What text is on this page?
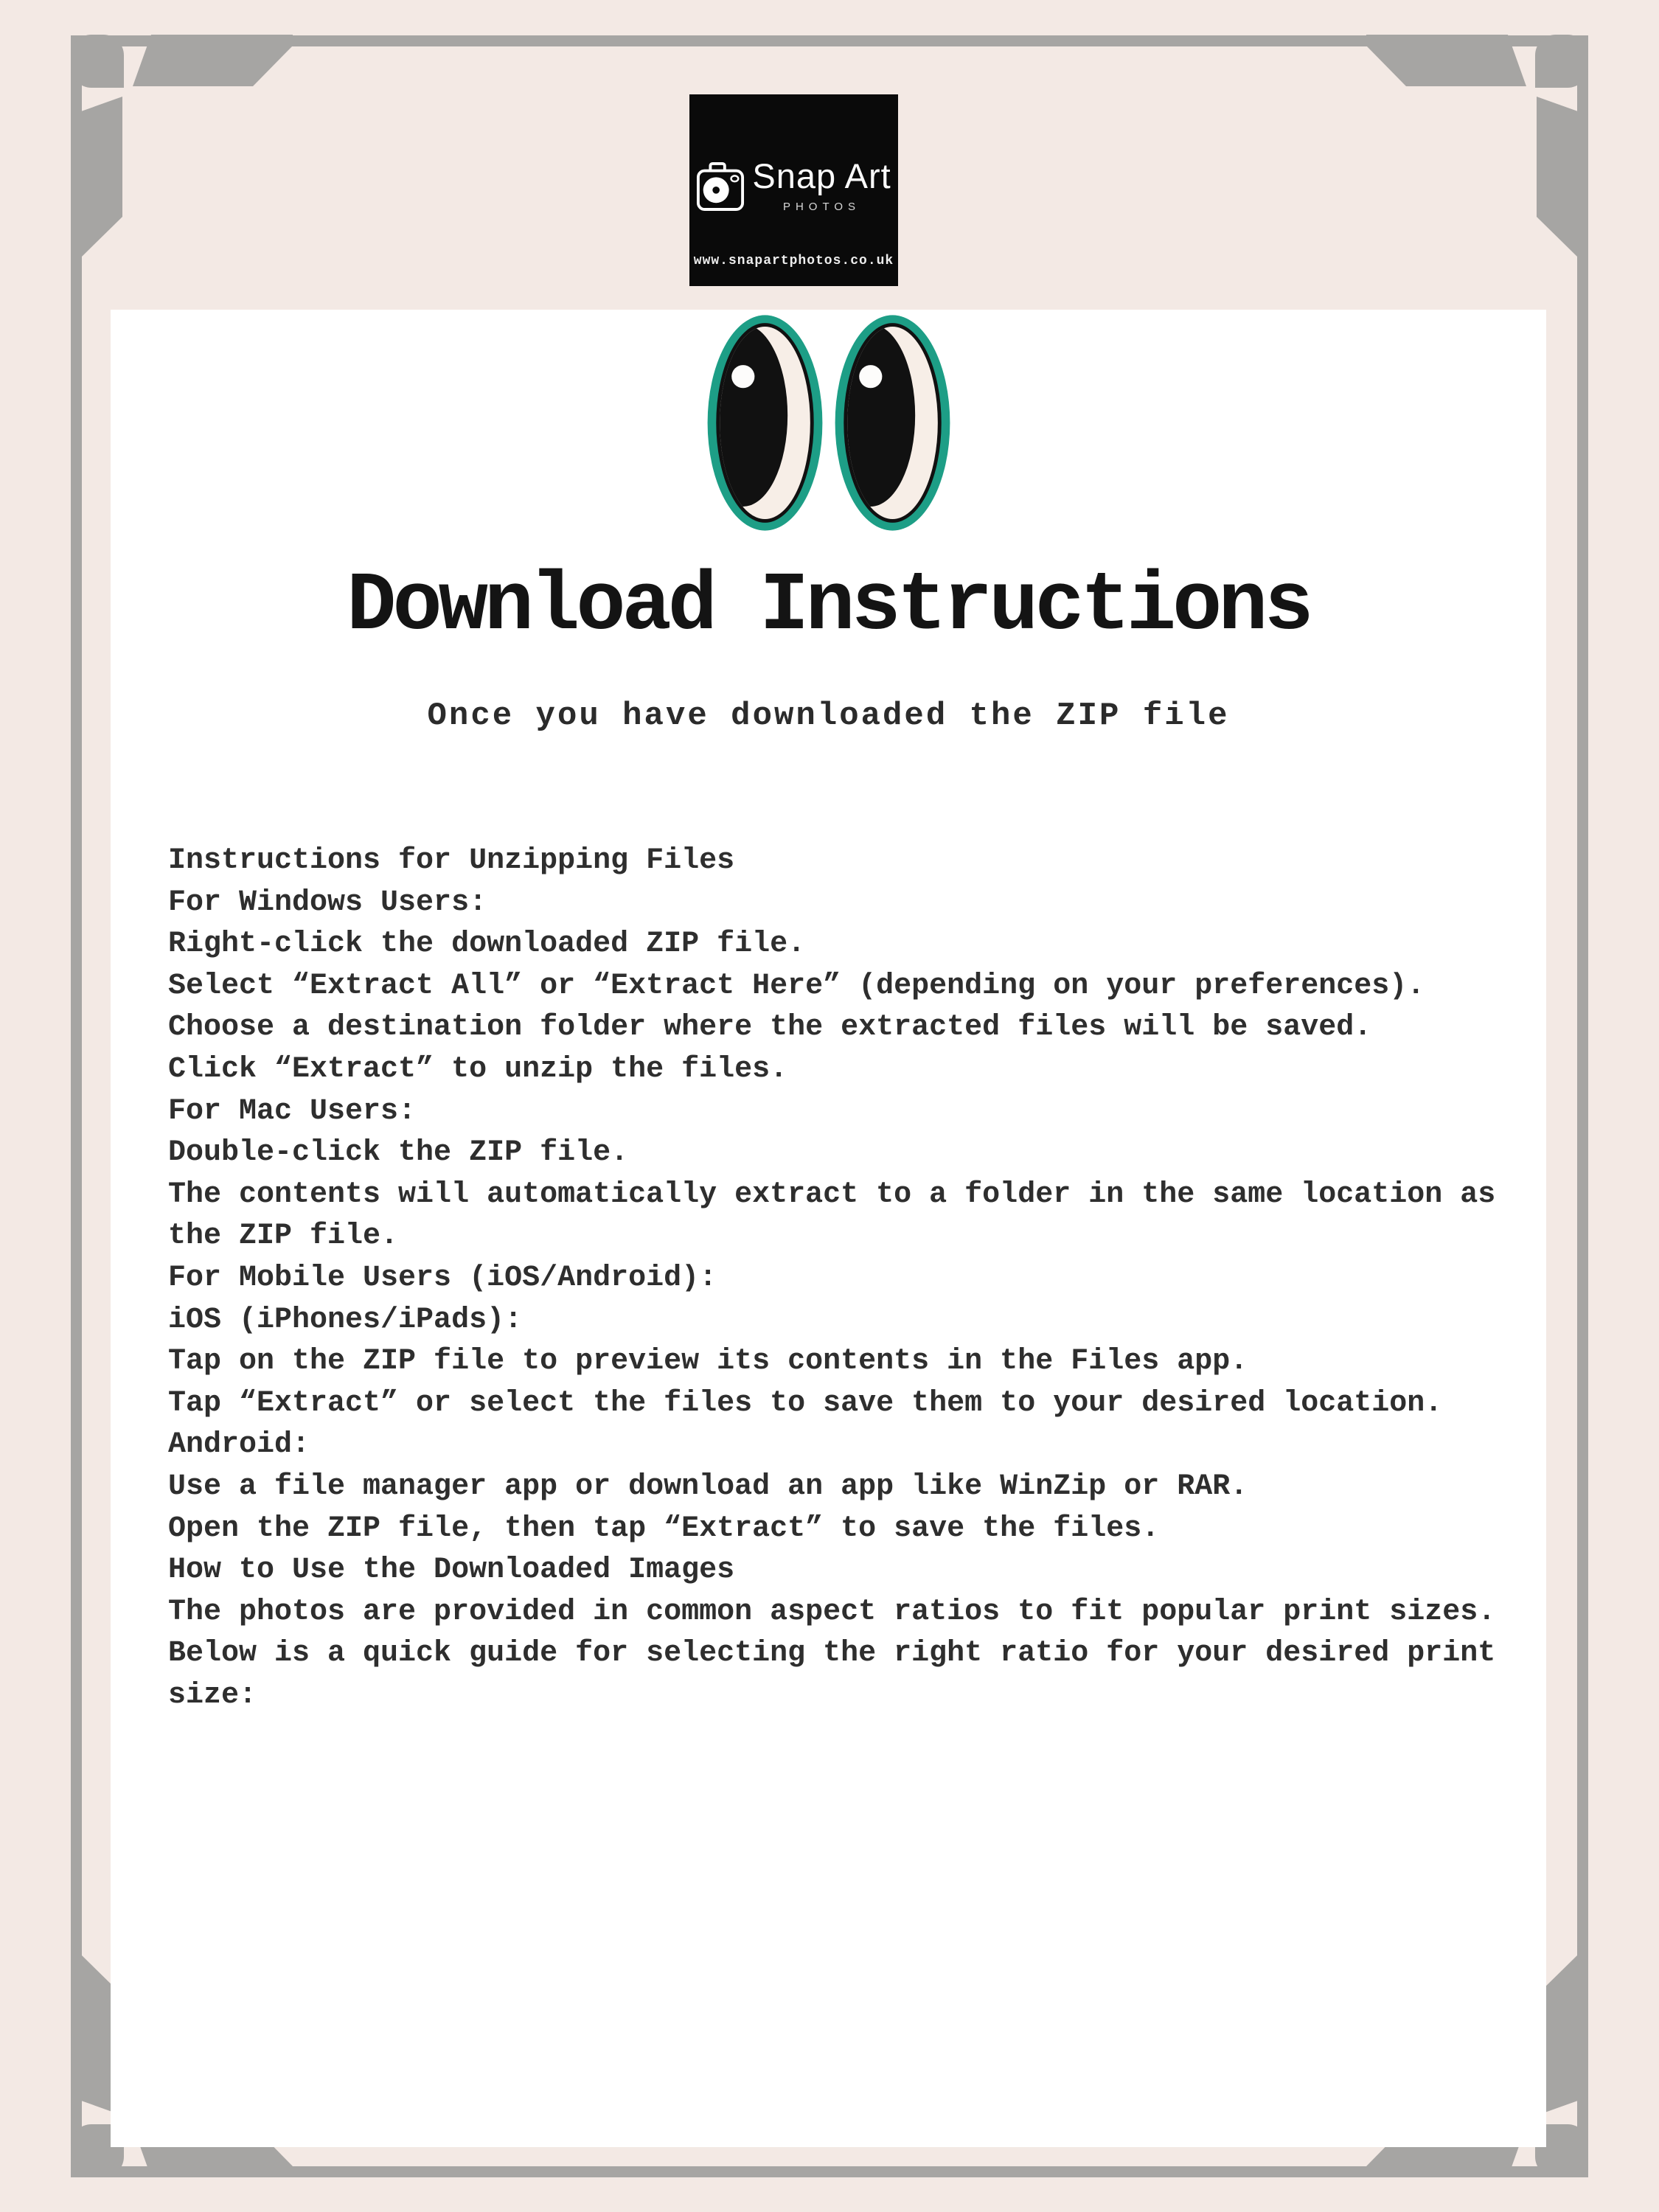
Snap Art
PHOTOS
www.snapartphotos.co.uk

Download Instructions
Once you have downloaded the ZIP file
Instructions for Unzipping Files
For Windows Users:
Right-click the downloaded ZIP file.
Select “Extract All” or “Extract Here” (depending on your preferences).
Choose a destination folder where the extracted files will be saved.
Click “Extract” to unzip the files.
For Mac Users:
Double-click the ZIP file.
The contents will automatically extract to a folder in the same location as
the ZIP file.
For Mobile Users (iOS/Android):
iOS (iPhones/iPads):
Tap on the ZIP file to preview its contents in the Files app.
Tap “Extract” or select the files to save them to your desired location.
Android:
Use a file manager app or download an app like WinZip or RAR.
Open the ZIP file, then tap “Extract” to save the files.
How to Use the Downloaded Images
The photos are provided in common aspect ratios to fit popular print sizes.
Below is a quick guide for selecting the right ratio for your desired print
size:
